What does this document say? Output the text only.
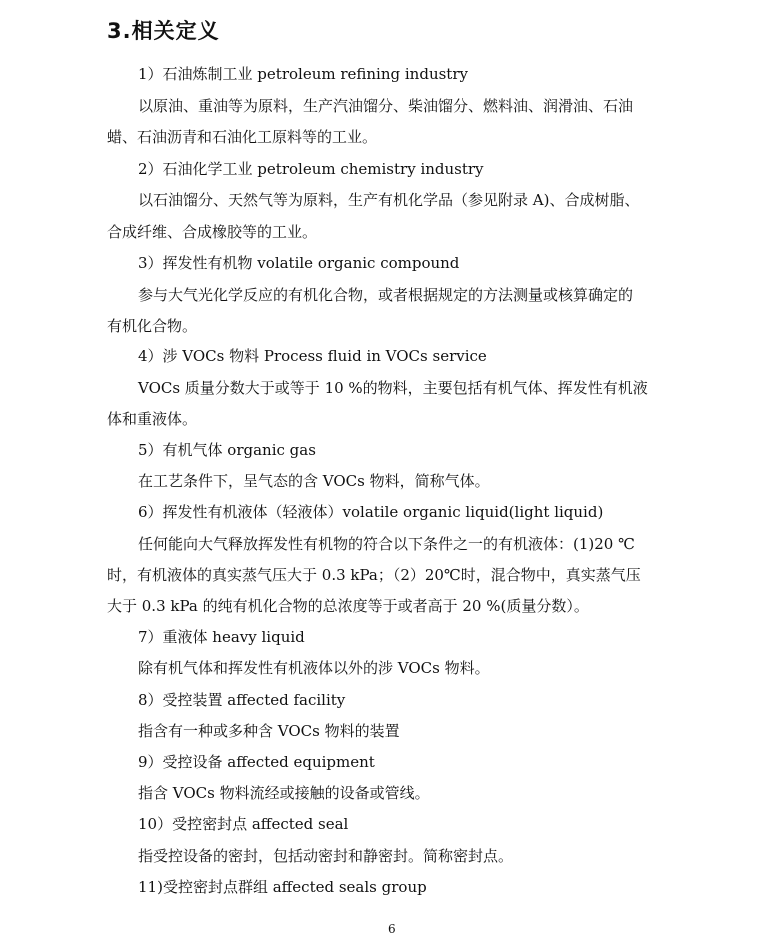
3.相关定义

1）石油炼制工业 petroleum refining industry

以原油、重油等为原料，生产汽油馏分、柴油馏分、燃料油、润滑油、石油

蜡、石油沥青和石油化工原料等的工业。

2）石油化学工业 petroleum chemistry industry

以石油馏分、天然气等为原料，生产有机化学品（参见附录 A)、合成树脂、

合成纤维、合成橡胶等的工业。

3）挥发性有机物 volatile organic compound

参与大气光化学反应的有机化合物，或者根据规定的方法测量或核算确定的

有机化合物。

4）涉 VOCs 物料 Process fluid in VOCs service

VOCs 质量分数大于或等于 10 %的物料，主要包括有机气体、挥发性有机液

体和重液体。

5）有机气体 organic gas

在工艺条件下，呈气态的含 VOCs 物料，简称气体。

6）挥发性有机液体（轻液体）volatile organic liquid(light liquid)

任何能向大气释放挥发性有机物的符合以下条件之一的有机液体：(1)20 ℃

时，有机液体的真实蒸气压大于 0.3 kPa；（2）20℃时，混合物中，真实蒸气压

大于 0.3 kPa 的纯有机化合物的总浓度等于或者高于 20 %(质量分数）。

7）重液体 heavy liquid

除有机气体和挥发性有机液体以外的涉 VOCs 物料。

8）受控装置 affected facility

指含有一种或多种含 VOCs 物料的装置

9）受控设备 affected equipment

指含 VOCs 物料流经或接触的设备或管线。

10）受控密封点 affected seal

指受控设备的密封，包括动密封和静密封。简称密封点。

11)受控密封点群组 affected seals group

6
